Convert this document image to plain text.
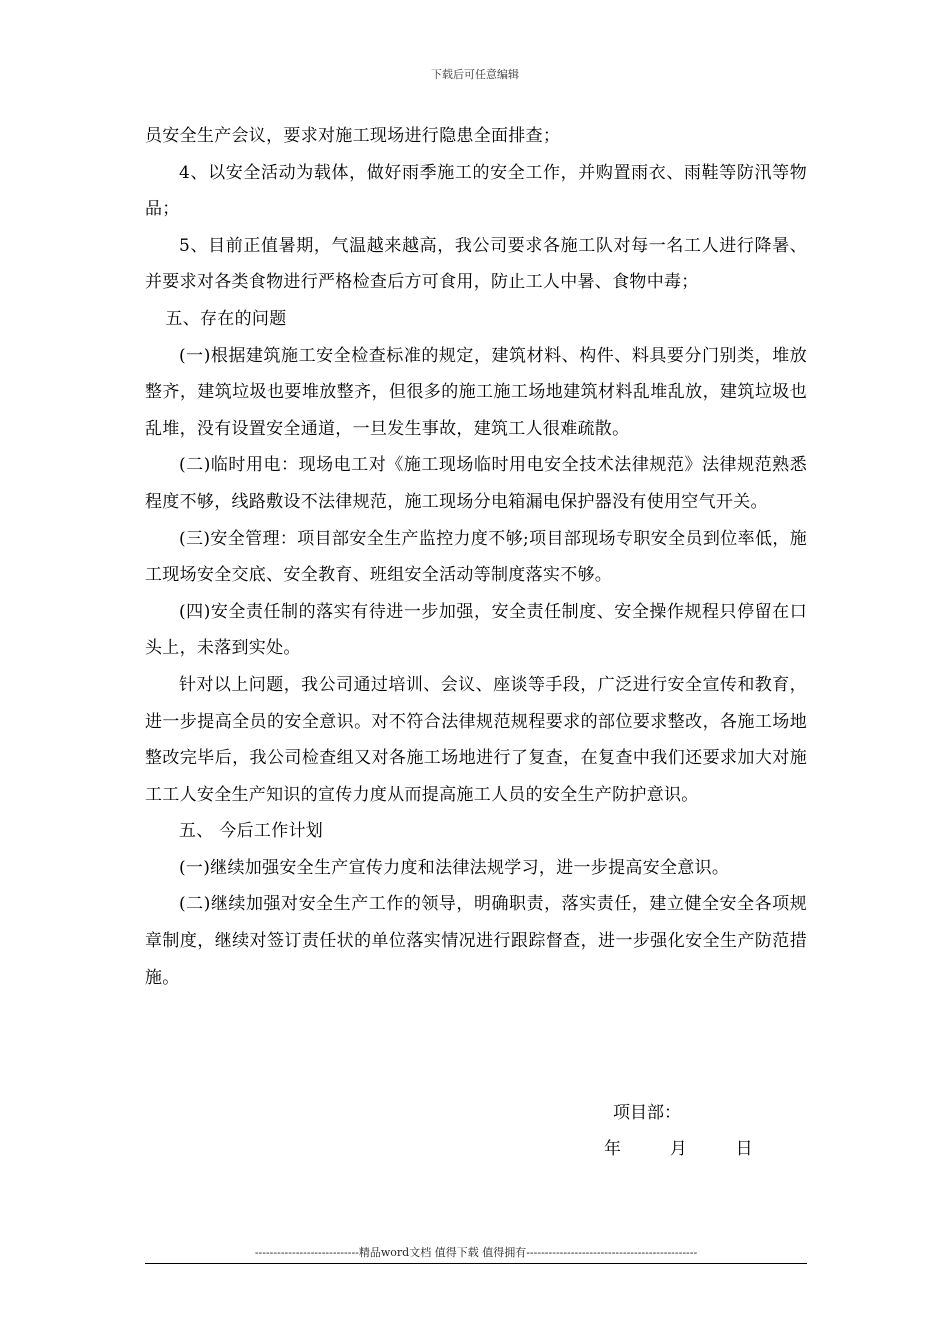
下载后可任意编辑

员安全生产会议，要求对施工现场进行隐患全面排查；

4、以安全活动为载体，做好雨季施工的安全工作，并购置雨衣、雨鞋等防汛等物品；

5、目前正值暑期，气温越来越高，我公司要求各施工队对每一名工人进行降暑、并要求对各类食物进行严格检查后方可食用，防止工人中暑、食物中毒；

五、存在的问题

(一)根据建筑施工安全检查标准的规定，建筑材料、构件、料具要分门别类，堆放整齐，建筑垃圾也要堆放整齐，但很多的施工施工场地建筑材料乱堆乱放，建筑垃圾也乱堆，没有设置安全通道，一旦发生事故，建筑工人很难疏散。

(二)临时用电：现场电工对《施工现场临时用电安全技术法律规范》法律规范熟悉程度不够，线路敷设不法律规范，施工现场分电箱漏电保护器没有使用空气开关。

(三)安全管理：项目部安全生产监控力度不够;项目部现场专职安全员到位率低，施工现场安全交底、安全教育、班组安全活动等制度落实不够。

(四)安全责任制的落实有待进一步加强，安全责任制度、安全操作规程只停留在口头上，未落到实处。

针对以上问题，我公司通过培训、会议、座谈等手段，广泛进行安全宣传和教育，进一步提高全员的安全意识。对不符合法律规范规程要求的部位要求整改，各施工场地整改完毕后，我公司检查组又对各施工场地进行了复查，在复查中我们还要求加大对施工工人安全生产知识的宣传力度从而提高施工人员的安全生产防护意识。

五、 今后工作计划

(一)继续加强安全生产宣传力度和法律法规学习，进一步提高安全意识。

(二)继续加强对安全生产工作的领导，明确职责，落实责任，建立健全安全各项规章制度，继续对签订责任状的单位落实情况进行跟踪督查，进一步强化安全生产防范措施。

项目部：
年	月	日
----------------------------精品word文档 值得下载 值得拥有----------------------------------------------
